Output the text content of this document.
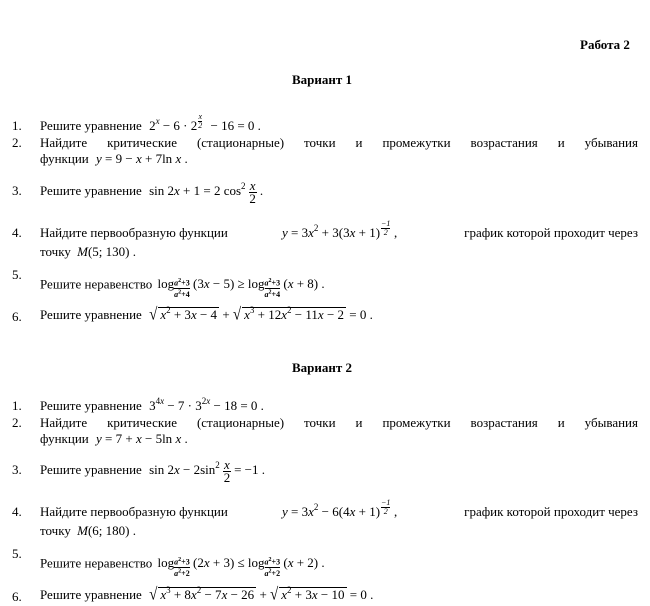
Работа 2
Вариант 1
1. Решите уравнение $2^x - 6 \cdot 2$
x
2 − 16 = 0 .
2. Найдите критические (стационарные) точки и промежутки возрастания и убывания
функции y = 9 − x + 7ln x .
3. Решите уравнение sin 2x + 1 = 2 $\cos^2 \frac{x}{2}$ .
4. Найдите первообразную функции	$y = 3x^2 + 3(3x + 1)$
−1
2 ,	график которой проходит через
точку M(5; 130) .
5.
Решите неравенство $\log \frac{a^2+3}{a^2+4} (3x - 5) \ge \log \frac{a^2+3}{a^2+4} (x + 8)$ .
6. Решите уравнение √ $x^2 + 3x - 4$ + √ $x^3 + 12x^2 - 11x - 2 = 0$ .
Вариант 2
1. Решите уравнение $3^{4x} - 7 \cdot 3^{2x} - 18 = 0$ .
2. Найдите критические (стационарные) точки и промежутки возрастания и убывания
функции y = 7 + x − 5ln x .
3. Решите уравнение $\sin 2x - 2\sin^2 \frac{x}{2} = -1$ .
4. Найдите первообразную функции	$y = 3x^2 - 6(4x + 1)$
−1
2 ,	график которой проходит через
точку M(6; 180) .
5.
Решите неравенство $\log \frac{a^2+3}{a^2+2} (2x + 3) \le \log \frac{a^2+3}{a^2+2} (x + 2)$ .
6. Решите уравнение √ $x^3 + 8x^2 - 7x - 26$ + √ $x^2 + 3x - 10 = 0$ .
